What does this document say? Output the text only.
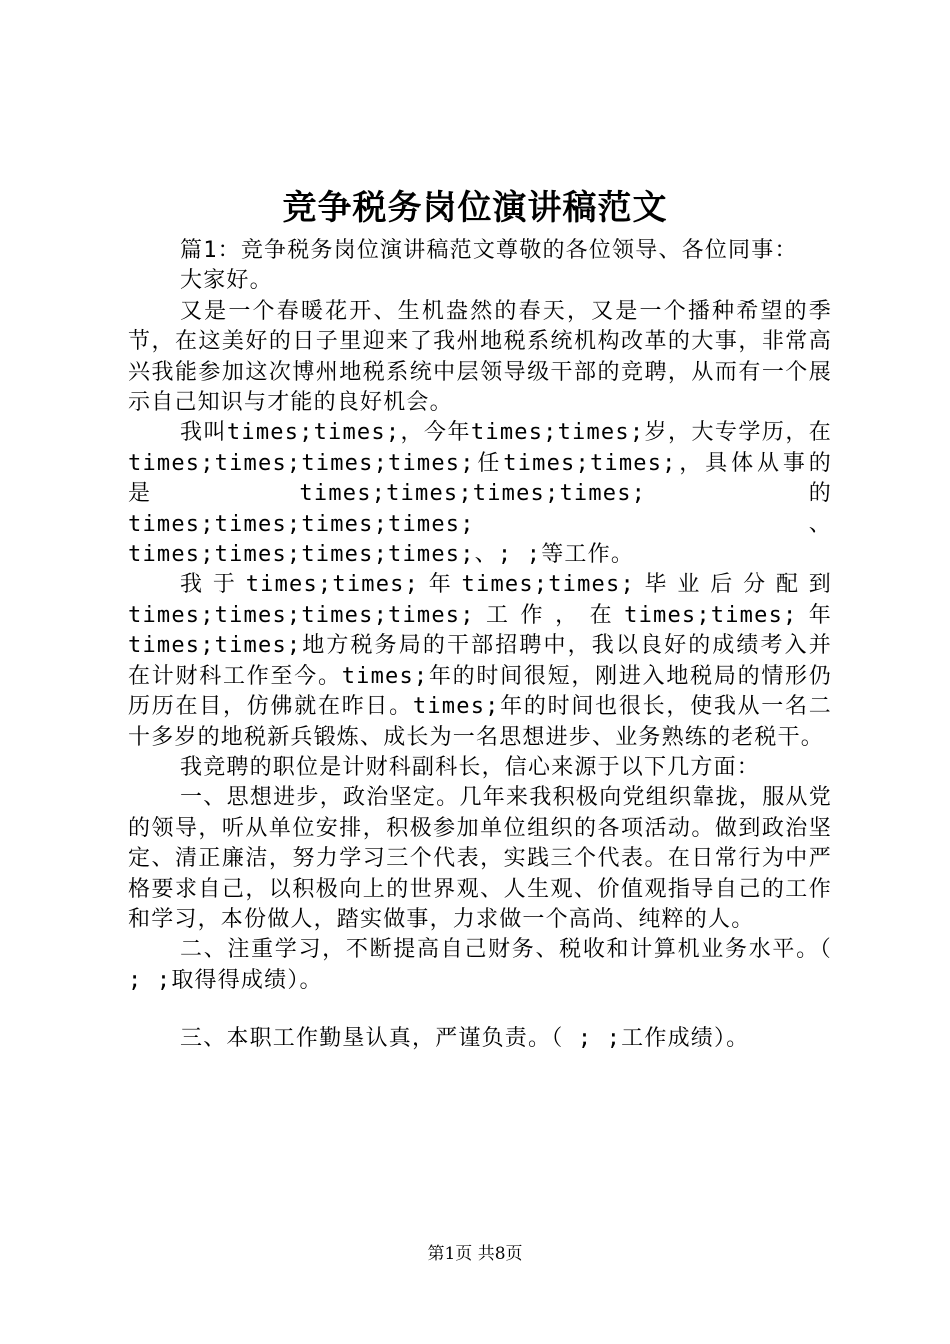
竞争税务岗位演讲稿范文

篇1：竞争税务岗位演讲稿范文尊敬的各位领导、各位同事：

大家好。

又是一个春暖花开、生机盎然的春天，又是一个播种希望的季节，在这美好的日子里迎来了我州地税系统机构改革的大事，非常高兴我能参加这次博州地税系统中层领导级干部的竞聘，从而有一个展示自己知识与才能的良好机会。

我叫times;times;，今年times;times;岁，大专学历，在times;times;times;times;任times;times;，具体从事的是times;times;times;times; 的times;times;times;times;、 times;times;times;times;、; ;等工作。

我于times;times;年times;times;毕业后分配到times;times;times;times;工作，在times;times;年times;times;地方税务局的干部招聘中，我以良好的成绩考入并在计财科工作至今。times;年的时间很短，刚进入地税局的情形仍历历在目，仿佛就在昨日。times;年的时间也很长，使我从一名二十多岁的地税新兵锻炼、成长为一名思想进步、业务熟练的老税干。

我竞聘的职位是计财科副科长，信心来源于以下几方面：

一、思想进步，政治坚定。几年来我积极向党组织靠拢，服从党的领导，听从单位安排，积极参加单位组织的各项活动。做到政治坚定、清正廉洁，努力学习三个代表，实践三个代表。在日常行为中严格要求自己，以积极向上的世界观、人生观、价值观指导自己的工作和学习，本份做人，踏实做事，力求做一个高尚、纯粹的人。

二、注重学习，不断提高自己财务、税收和计算机业务水平。（ ; ;取得得成绩）。

三、本职工作勤垦认真，严谨负责。（ ; ;工作成绩）。

第1页 共8页
